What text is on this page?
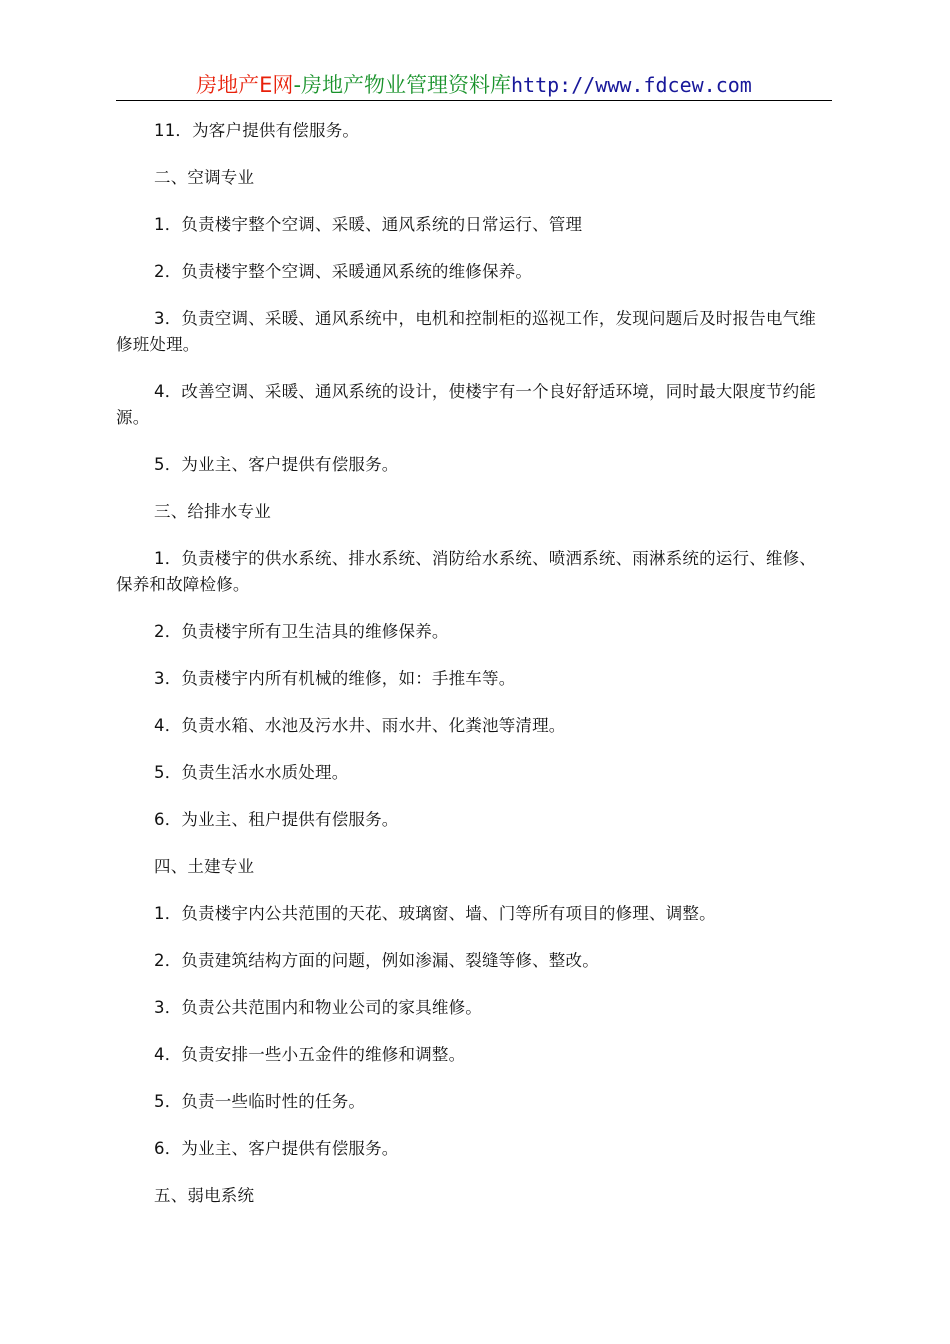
房地产E网-房地产物业管理资料库http://www.fdcew.com

11．为客户提供有偿服务。

二、空调专业

1．负责楼宇整个空调、采暖、通风系统的日常运行、管理

2．负责楼宇整个空调、采暖通风系统的维修保养。

3．负责空调、采暖、通风系统中，电机和控制柜的巡视工作，发现问题后及时报告电气维修班处理。

4．改善空调、采暖、通风系统的设计，使楼宇有一个良好舒适环境，同时最大限度节约能源。

5．为业主、客户提供有偿服务。

三、给排水专业

1．负责楼宇的供水系统、排水系统、消防给水系统、喷洒系统、雨淋系统的运行、维修、保养和故障检修。

2．负责楼宇所有卫生洁具的维修保养。

3．负责楼宇内所有机械的维修，如：手推车等。

4．负责水箱、水池及污水井、雨水井、化粪池等清理。

5．负责生活水水质处理。

6．为业主、租户提供有偿服务。

四、土建专业

1．负责楼宇内公共范围的天花、玻璃窗、墙、门等所有项目的修理、调整。

2．负责建筑结构方面的问题，例如渗漏、裂缝等修、整改。

3．负责公共范围内和物业公司的家具维修。

4．负责安排一些小五金件的维修和调整。

5．负责一些临时性的任务。

6．为业主、客户提供有偿服务。

五、弱电系统
